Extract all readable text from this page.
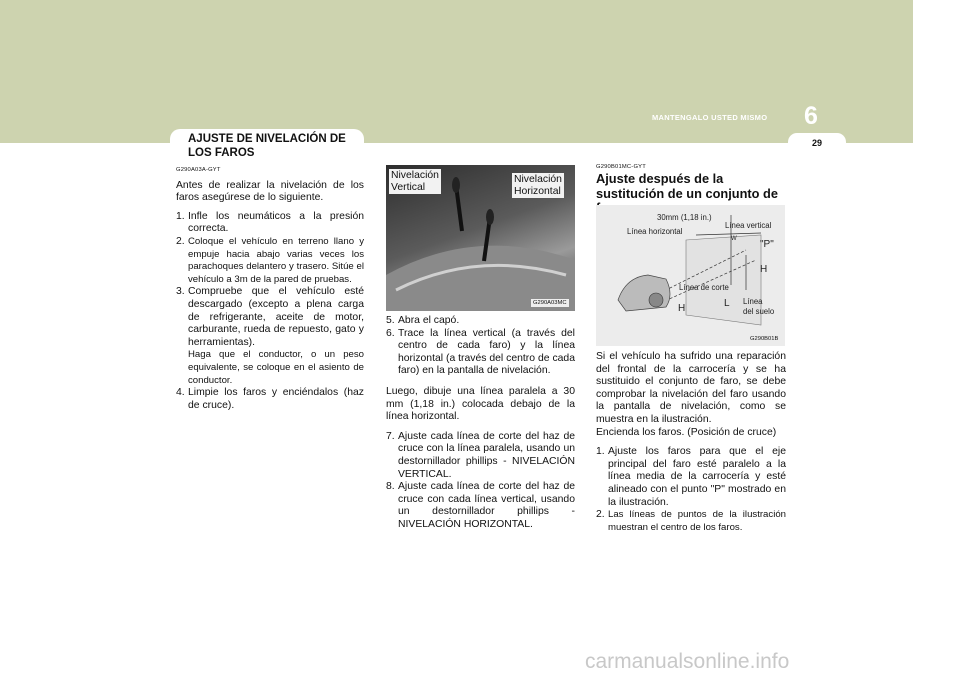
MANTENGALO USTED MISMO	6
29
AJUSTE DE NIVELACIÓN DE
LOS FAROS

G290A03A-GYT

Antes de realizar la nivelación de los faros asegúrese de lo siguiente.

1. Infle los neumáticos a la presión correcta.
2. Coloque el vehículo en terreno llano y empuje hacia abajo varias veces los parachoques delantero y trasero. Sitúe el vehículo a 3m de la pared de pruebas.
3. Compruebe que el vehículo esté descargado (excepto a plena carga de refrigerante, aceite de motor, carburante, rueda de repuesto, gato y herramientas).
Haga que el conductor, o un peso equivalente, se coloque en el asiento de conductor.
4. Limpie los faros y enciéndalos (haz de cruce).
Nivelación
Vertical
Nivelación
Horizontal
G290A03MC
5. Abra el capó.
6. Trace la línea vertical (a través del centro de cada faro) y la línea horizontal (a través del centro de cada faro) en la pantalla de nivelación.

Luego, dibuje una línea paralela a 30 mm (1,18 in.) colocada debajo de la línea horizontal.

7. Ajuste cada línea de corte del haz de cruce con la línea paralela, usando un destornillador phillips - NIVELACIÓN VERTICAL.
8. Ajuste cada línea de corte del haz de cruce con cada línea vertical, usando un destornillador phillips - NIVELACIÓN HORIZONTAL.
G290B01MC-GYT
Ajuste después de la sustitución de un conjunto de
30mm (1,18 in.)
Línea vertical
Línea horizontal
W "P"
H
Línea de corte
L Línea
del suelo
H
G290B01B

Si el vehículo ha sufrido una reparación del frontal de la carrocería y se ha sustituido el conjunto de faro, se debe comprobar la nivelación del faro usando la pantalla de nivelación, como se muestra en la ilustración.

Encienda los faros. (Posición de cruce)

1. Ajuste los faros para que el eje principal del faro esté paralelo a la línea media de la carrocería y esté alineado con el punto "P" mostrado en la ilustración.
2. Las líneas de puntos de la ilustración muestran el centro de los faros.
carmanualsonline.info
